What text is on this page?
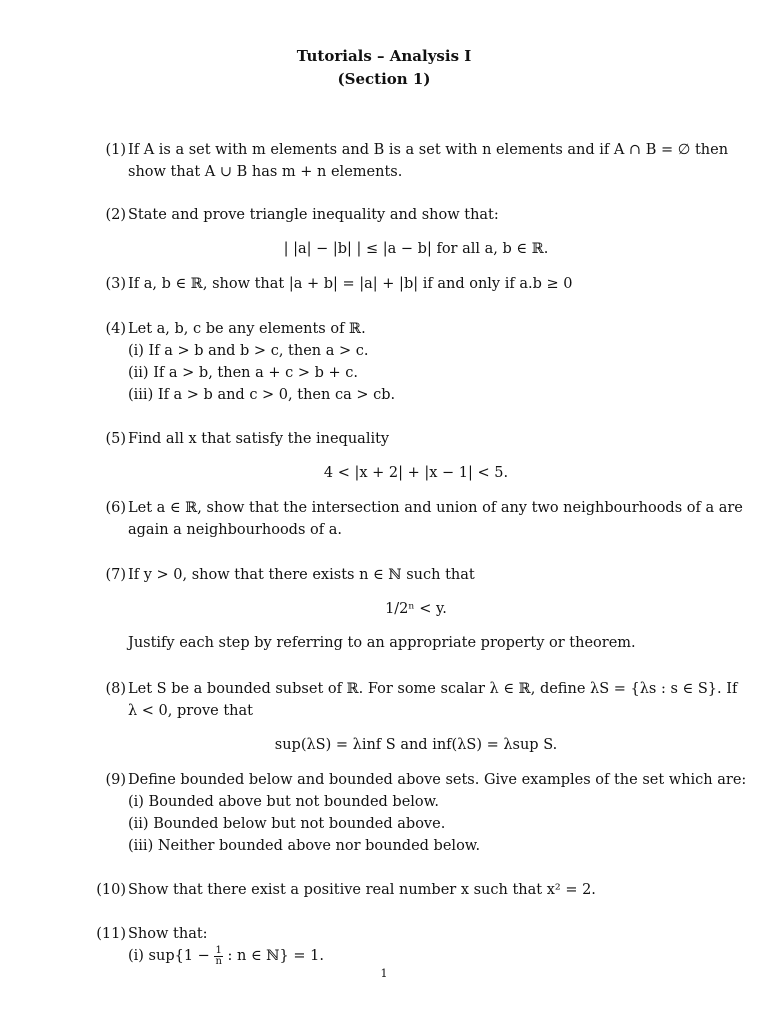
Tutorials – Analysis I
(Section 1)
(1) If A is a set with m elements and B is a set with n elements and if A ∩ B = ∅ then
show that A ∪ B has m + n elements.
(2) State and prove triangle inequality and show that:
| |a| − |b| | ≤ |a − b| for all a, b ∈ ℝ.
(3) If a, b ∈ ℝ, show that |a + b| = |a| + |b| if and only if a.b ≥ 0
(4) Let a, b, c be any elements of ℝ.
(i) If a > b and b > c, then a > c.
(ii) If a > b, then a + c > b + c.
(iii) If a > b and c > 0, then ca > cb.
(5) Find all x that satisfy the inequality
4 < |x + 2| + |x − 1| < 5.
(6) Let a ∈ ℝ, show that the intersection and union of any two neighbourhoods of a are
again a neighbourhoods of a.
(7) If y > 0, show that there exists n ∈ ℕ such that
1/2ⁿ < y.
Justify each step by referring to an appropriate property or theorem.
(8) Let S be a bounded subset of ℝ. For some scalar λ ∈ ℝ, define λS = {λs : s ∈ S}. If
λ < 0, prove that
sup(λS) = λinf S and inf(λS) = λsup S.
(9) Define bounded below and bounded above sets. Give examples of the set which are:
(i) Bounded above but not bounded below.
(ii) Bounded below but not bounded above.
(iii) Neither bounded above nor bounded below.
(10) Show that there exist a positive real number x such that x² = 2.
(11) Show that:
(i) $sup\{1 - \frac{1}{n}$ : n ∈ ℕ} = 1.
1
